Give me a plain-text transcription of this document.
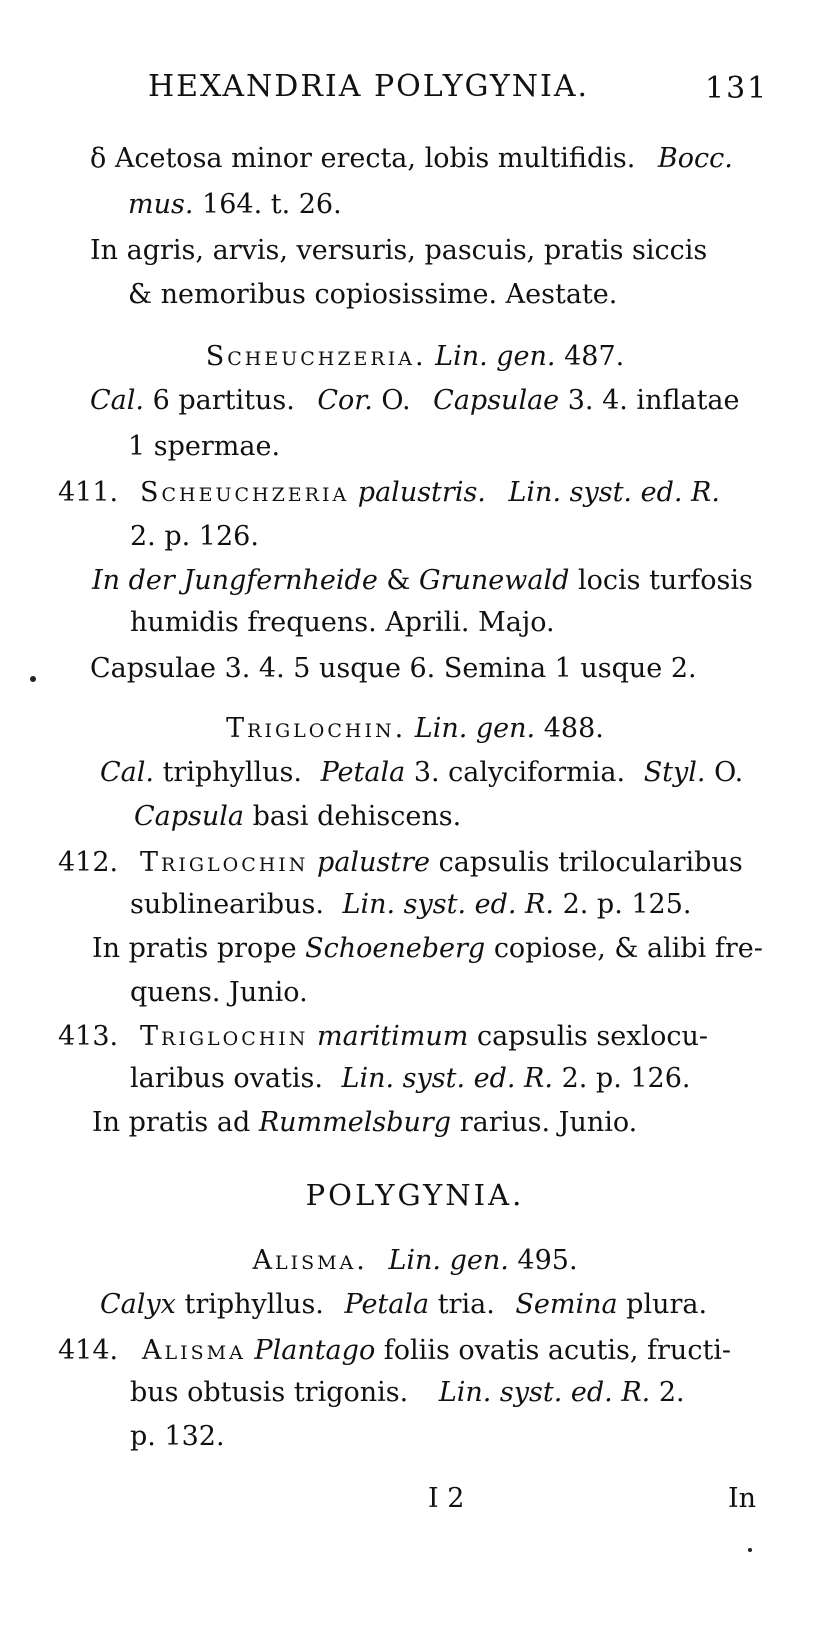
HEXANDRIA POLYGYNIA.	131
δ Acetosa minor erecta, lobis multifidis. Bocc.
mus. 164. t. 26.
In agris, arvis, versuris, pascuis, pratis siccis
& nemoribus copiosissime. Aestate.
Scheuchzeria. Lin. gen. 487.
Cal. 6 partitus. Cor. O. Capsulae 3. 4. inflatae
1 spermae.
411. Scheuchzeria palustris. Lin. syst. ed. R.
2. p. 126.
In der Jungfernheide & Grunewald locis turfosis
humidis frequens. Aprili. Majo.
Capsulae 3. 4. 5 usque 6. Semina 1 usque 2.
Triglochin. Lin. gen. 488.
Cal. triphyllus. Petala 3. calyciformia. Styl. O.
Capsula basi dehiscens.
412. Triglochin palustre capsulis trilocularibus
sublinearibus. Lin. syst. ed. R. 2. p. 125.
In pratis prope Schoeneberg copiose, & alibi fre-
quens. Junio.
413. Triglochin maritimum capsulis sexlocu-
laribus ovatis. Lin. syst. ed. R. 2. p. 126.
In pratis ad Rummelsburg rarius. Junio.
POLYGYNIA.
Alisma. Lin. gen. 495.
Calyx triphyllus. Petala tria. Semina plura.
414. Alisma Plantago foliis ovatis acutis, fructi-
bus obtusis trigonis. Lin. syst. ed. R. 2.
p. 132.
I 2	In
